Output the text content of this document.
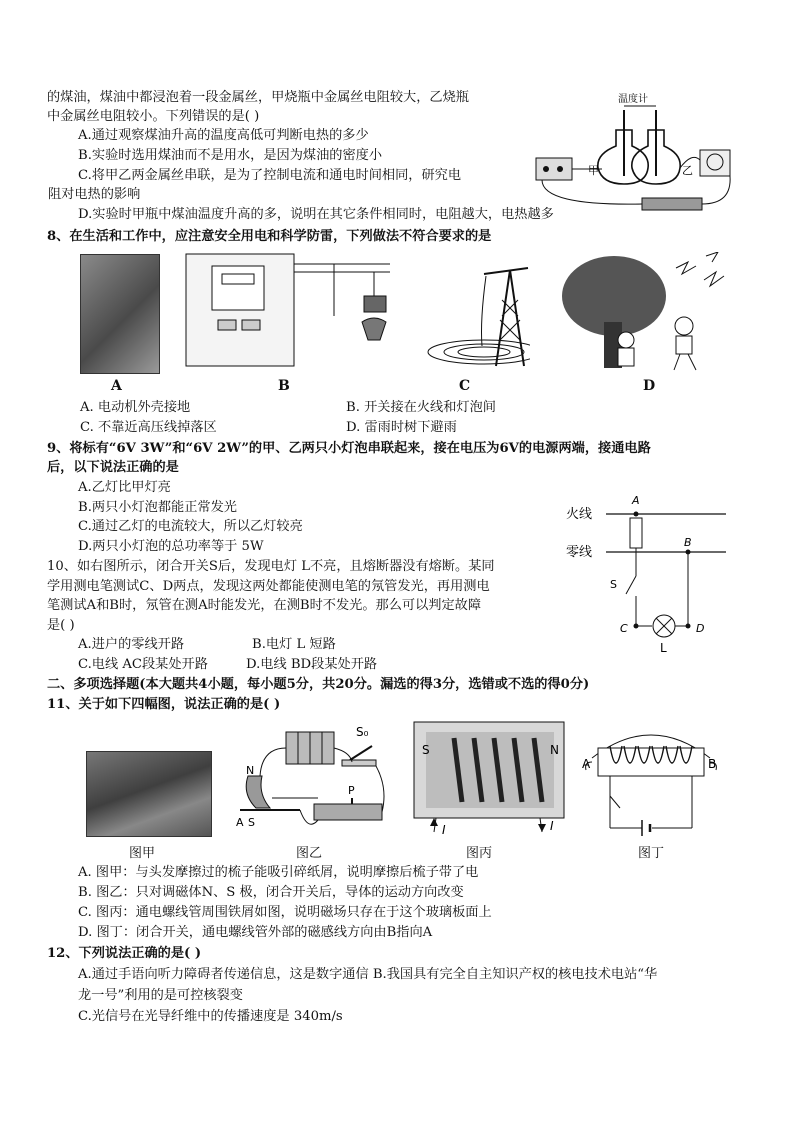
的煤油，煤油中都浸泡着一段金属丝，甲烧瓶中金属丝电阻较大，乙烧瓶
中金属丝电阻较小。下列错误的是( )
A.通过观察煤油升高的温度高低可判断电热的多少
B.实验时选用煤油而不是用水，是因为煤油的密度小
C.将甲乙两金属丝串联，是为了控制电流和通电时间相同，研究电
阻对电热的影响
D.实验时甲瓶中煤油温度升高的多，说明在其它条件相同时，电阻越大，电热越多
温度计
甲	乙
8、在生活和工作中，应注意安全用电和科学防雷，下列做法不符合要求的是
A	B	C	D
A. 电动机外壳接地	B. 开关接在火线和灯泡间
C. 不靠近高压线掉落区	D. 雷雨时树下避雨
9、将标有“6V 3W”和“6V 2W”的甲、乙两只小灯泡串联起来，接在电压为6V的电源两端，接通电路
后，以下说法正确的是
A.乙灯比甲灯亮
B.两只小灯泡都能正常发光
C.通过乙灯的电流较大，所以乙灯较亮
D.两只小灯泡的总功率等于 5W
火线
零线
A
B
S
C
L
D
10、如右图所示，闭合开关S后，发现电灯 L不亮，且熔断器没有熔断。某同
学用测电笔测试C、D两点，发现这两处都能使测电笔的氖管发光，再用测电
笔测试A和B时，氖管在测A时能发光，在测B时不发光。那么可以判定故障
是( )
A.进户的零线开路	B.电灯 L 短路
C.电线 AC段某处开路	D.电线 BD段某处开路
二、多项选择题(本大题共4小题，每小题5分，共20分。漏选的得3分，选错或不选的得0分)
11、关于如下四幅图，说法正确的是( )
S₀
N
A S
P
S	N
I	I
A	B
图甲	图乙	图丙	图丁
A. 图甲：与头发摩擦过的梳子能吸引碎纸屑，说明摩擦后梳子带了电
B. 图乙：只对调磁体N、S 极，闭合开关后，导体的运动方向改变
C. 图丙：通电螺线管周围铁屑如图，说明磁场只存在于这个玻璃板面上
D. 图丁：闭合开关，通电螺线管外部的磁感线方向由B指向A
12、下列说法正确的是( )
A.通过手语向听力障碍者传递信息，这是数字通信 B.我国具有完全自主知识产权的核电技术电站“华
龙一号”利用的是可控核裂变
C.光信号在光导纤维中的传播速度是 340m/s
